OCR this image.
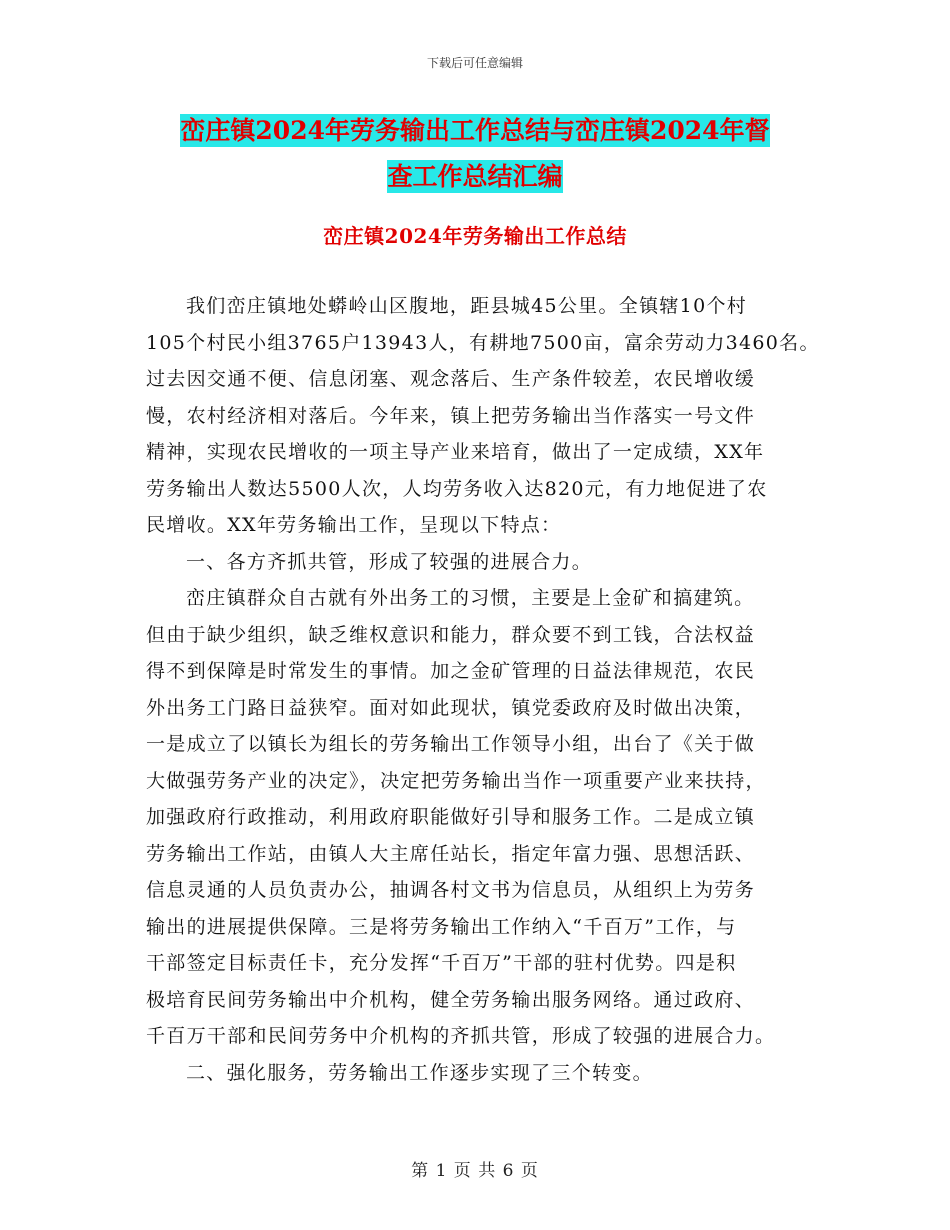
下载后可任意编辑
峦庄镇2024年劳务输出工作总结与峦庄镇2024年督
查工作总结汇编
峦庄镇2024年劳务输出工作总结
我们峦庄镇地处蟒岭山区腹地，距县城45公里。全镇辖10个村
105个村民小组3765户13943人，有耕地7500亩，富余劳动力3460名。
过去因交通不便、信息闭塞、观念落后、生产条件较差，农民增收缓
慢，农村经济相对落后。今年来，镇上把劳务输出当作落实一号文件
精神，实现农民增收的一项主导产业来培育，做出了一定成绩，XX年
劳务输出人数达5500人次，人均劳务收入达820元，有力地促进了农
民增收。XX年劳务输出工作，呈现以下特点：
一、各方齐抓共管，形成了较强的进展合力。
峦庄镇群众自古就有外出务工的习惯，主要是上金矿和搞建筑。
但由于缺少组织，缺乏维权意识和能力，群众要不到工钱，合法权益
得不到保障是时常发生的事情。加之金矿管理的日益法律规范，农民
外出务工门路日益狭窄。面对如此现状，镇党委政府及时做出决策，
一是成立了以镇长为组长的劳务输出工作领导小组，出台了《关于做
大做强劳务产业的决定》，决定把劳务输出当作一项重要产业来扶持，
加强政府行政推动，利用政府职能做好引导和服务工作。二是成立镇
劳务输出工作站，由镇人大主席任站长，指定年富力强、思想活跃、
信息灵通的人员负责办公，抽调各村文书为信息员，从组织上为劳务
输出的进展提供保障。三是将劳务输出工作纳入“千百万”工作，与
干部签定目标责任卡，充分发挥“千百万”干部的驻村优势。四是积
极培育民间劳务输出中介机构，健全劳务输出服务网络。通过政府、
千百万干部和民间劳务中介机构的齐抓共管，形成了较强的进展合力。
二、强化服务，劳务输出工作逐步实现了三个转变。
第 1 页 共 6 页
